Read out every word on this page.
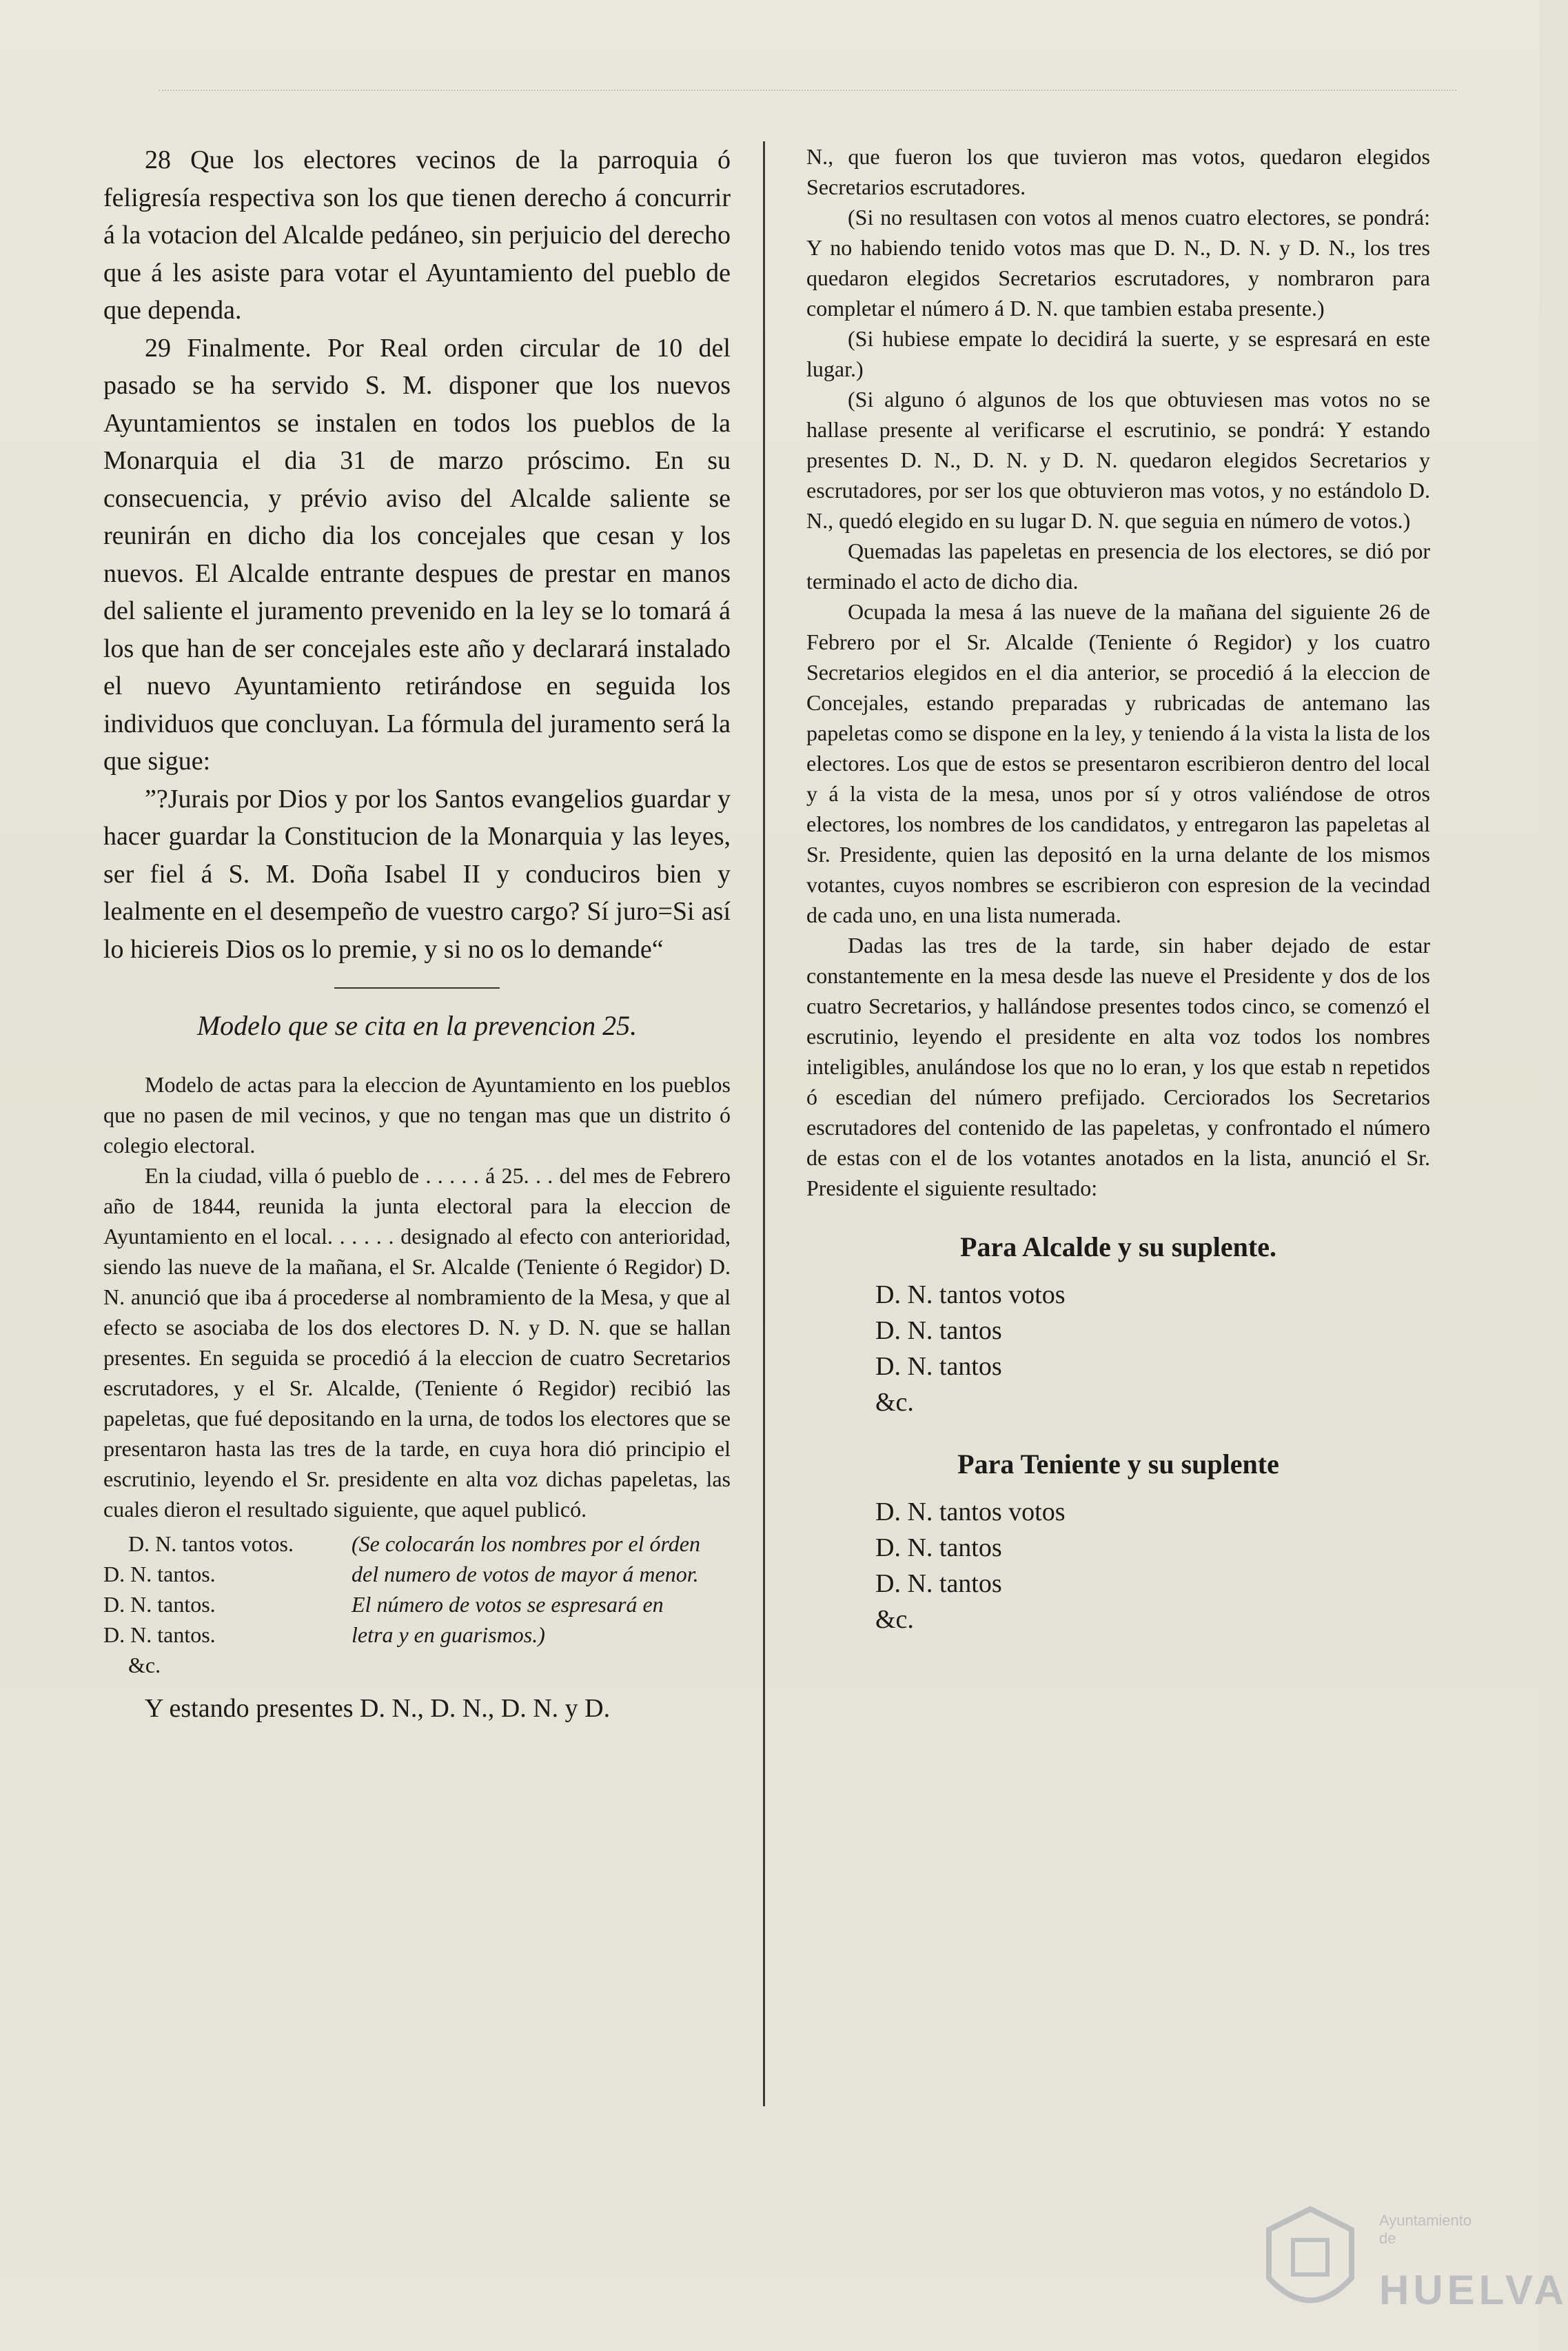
28 Que los electores vecinos de la parroquia ó feligresía respectiva son los que tienen derecho á concurrir á la votacion del Alcalde pedáneo, sin perjuicio del derecho que á les asiste para votar el Ayuntamiento del pueblo de que dependa.

29 Finalmente. Por Real orden circular de 10 del pasado se ha servido S. M. disponer que los nuevos Ayuntamientos se instalen en todos los pueblos de la Monarquia el dia 31 de marzo próscimo. En su consecuencia, y prévio aviso del Alcalde saliente se reunirán en dicho dia los concejales que cesan y los nuevos. El Alcalde entrante despues de prestar en manos del saliente el juramento prevenido en la ley se lo tomará á los que han de ser concejales este año y declarará instalado el nuevo Ayuntamiento retirándose en seguida los individuos que concluyan. La fórmula del juramento será la que sigue:

”?Jurais por Dios y por los Santos evangelios guardar y hacer guardar la Constitucion de la Monarquia y las leyes, ser fiel á S. M. Doña Isabel II y conduciros bien y lealmente en el desempeño de vuestro cargo? Sí juro=Si así lo hiciereis Dios os lo premie, y si no os lo demande“

Modelo que se cita en la prevencion 25.

Modelo de actas para la eleccion de Ayuntamiento en los pueblos que no pasen de mil vecinos, y que no tengan mas que un distrito ó colegio electoral.

En la ciudad, villa ó pueblo de . . . . . á 25. . . del mes de Febrero año de 1844, reunida la junta electoral para la eleccion de Ayuntamiento en el local. . . . . . designado al efecto con anterioridad, siendo las nueve de la mañana, el Sr. Alcalde (Teniente ó Regidor) D. N. anunció que iba á procederse al nombramiento de la Mesa, y que al efecto se asociaba de los dos electores D. N. y D. N. que se hallan presentes. En seguida se procedió á la eleccion de cuatro Secretarios escrutadores, y el Sr. Alcalde, (Teniente ó Regidor) recibió las papeletas, que fué depositando en la urna, de todos los electores que se presentaron hasta las tres de la tarde, en cuya hora dió principio el escrutinio, leyendo el Sr. presidente en alta voz dichas papeletas, las cuales dieron el resultado siguiente, que aquel publicó.

D. N. tantos votos.
D. N. tantos.
D. N. tantos.
D. N. tantos.
&c.
(Se colocarán los nombres por el órden del numero de votos de mayor á menor. El número de votos se espresará en letra y en guarismos.)

Y estando presentes D. N., D. N., D. N. y D.

N., que fueron los que tuvieron mas votos, quedaron elegidos Secretarios escrutadores.

(Si no resultasen con votos al menos cuatro electores, se pondrá: Y no habiendo tenido votos mas que D. N., D. N. y D. N., los tres quedaron elegidos Secretarios escrutadores, y nombraron para completar el número á D. N. que tambien estaba presente.)

(Si hubiese empate lo decidirá la suerte, y se espresará en este lugar.)

(Si alguno ó algunos de los que obtuviesen mas votos no se hallase presente al verificarse el escrutinio, se pondrá: Y estando presentes D. N., D. N. y D. N. quedaron elegidos Secretarios y escrutadores, por ser los que obtuvieron mas votos, y no estándolo D. N., quedó elegido en su lugar D. N. que seguia en número de votos.)

Quemadas las papeletas en presencia de los electores, se dió por terminado el acto de dicho dia.

Ocupada la mesa á las nueve de la mañana del siguiente 26 de Febrero por el Sr. Alcalde (Teniente ó Regidor) y los cuatro Secretarios elegidos en el dia anterior, se procedió á la eleccion de Concejales, estando preparadas y rubricadas de antemano las papeletas como se dispone en la ley, y teniendo á la vista la lista de los electores. Los que de estos se presentaron escribieron dentro del local y á la vista de la mesa, unos por sí y otros valiéndose de otros electores, los nombres de los candidatos, y entregaron las papeletas al Sr. Presidente, quien las depositó en la urna delante de los mismos votantes, cuyos nombres se escribieron con espresion de la vecindad de cada uno, en una lista numerada.

Dadas las tres de la tarde, sin haber dejado de estar constantemente en la mesa desde las nueve el Presidente y dos de los cuatro Secretarios, y hallándose presentes todos cinco, se comenzó el escrutinio, leyendo el presidente en alta voz todos los nombres inteligibles, anulándose los que no lo eran, y los que estab n repetidos ó escedian del número prefijado. Cerciorados los Secretarios escrutadores del contenido de las papeletas, y confrontado el número de estas con el de los votantes anotados en la lista, anunció el Sr. Presidente el siguiente resultado:

Para Alcalde y su suplente.

D. N. tantos votos
D. N. tantos
D. N. tantos
&c.

Para Teniente y su suplente

D. N. tantos votos
D. N. tantos
D. N. tantos
&c.
Ayuntamiento de
HUELVA
